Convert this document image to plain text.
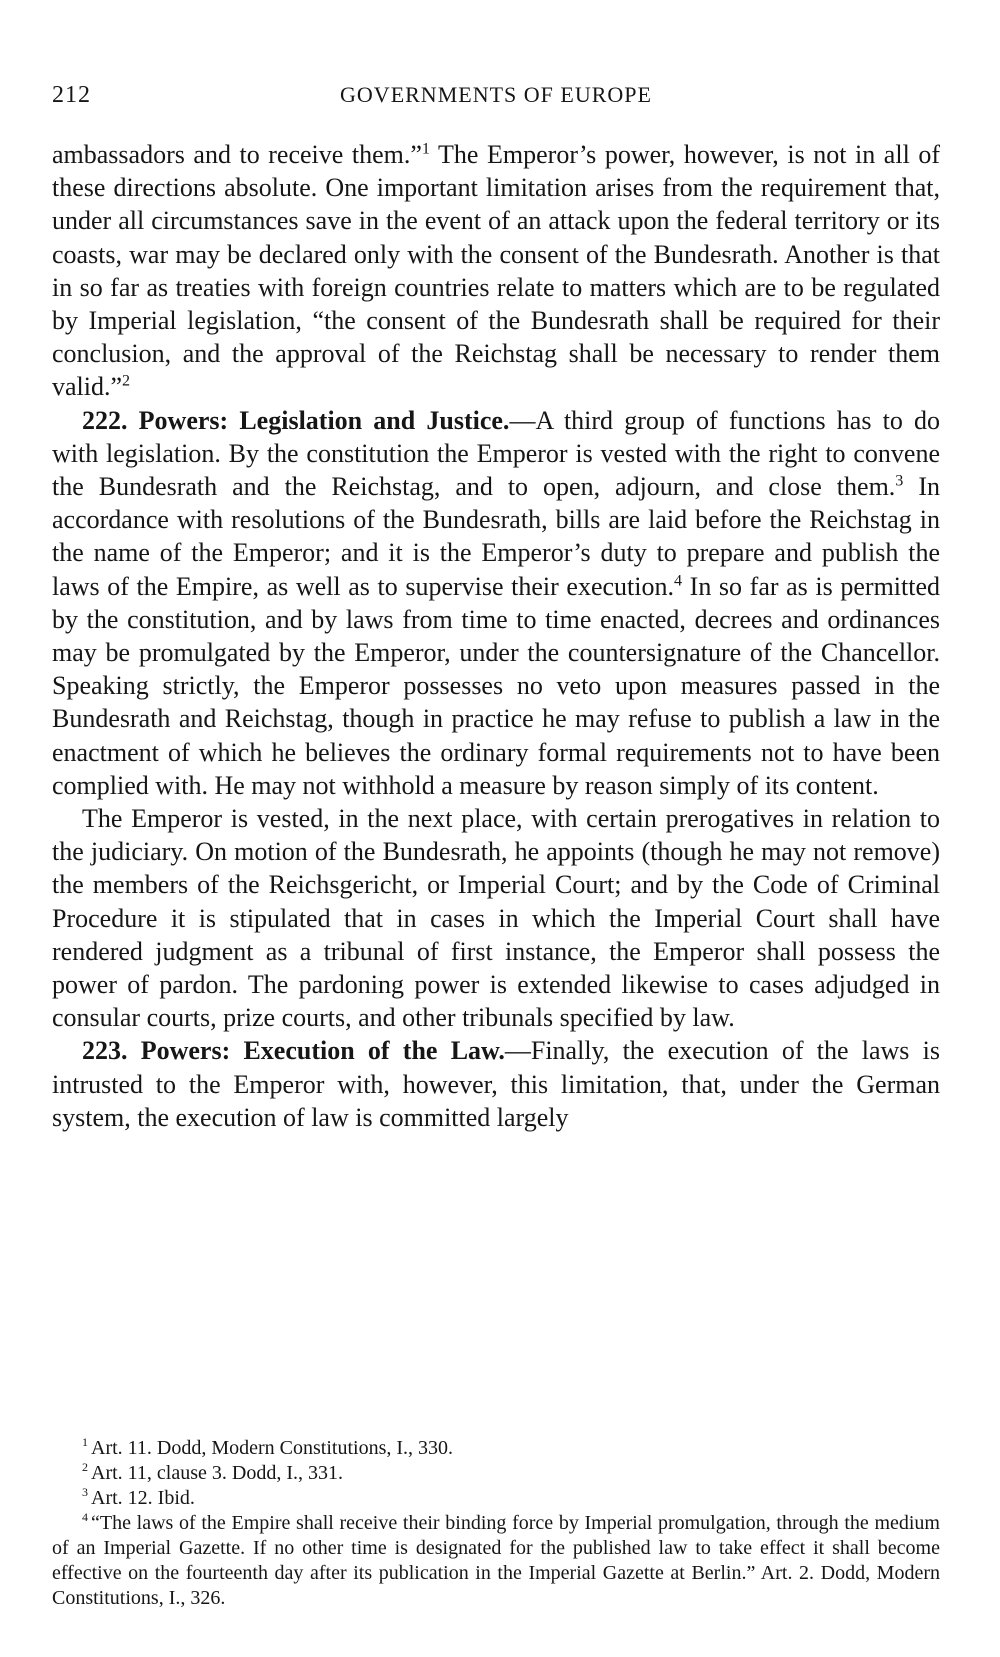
212	GOVERNMENTS OF EUROPE

ambassadors and to receive them.”$^1$ The Emperor’s power, however, is not in all of these directions absolute. One important limitation arises from the requirement that, under all circumstances save in the event of an attack upon the federal territory or its coasts, war may be declared only with the consent of the Bundesrath. Another is that in so far as treaties with foreign countries relate to matters which are to be regulated by Imperial legislation, “the consent of the Bundesrath shall be required for their conclusion, and the approval of the Reichstag shall be necessary to render them valid.”$^2$

222. Powers: Legislation and Justice.—A third group of functions has to do with legislation. By the constitution the Emperor is vested with the right to convene the Bundesrath and the Reichstag, and to open, adjourn, and close them.$^3$ In accordance with resolutions of the Bundesrath, bills are laid before the Reichstag in the name of the Emperor; and it is the Emperor’s duty to prepare and publish the laws of the Empire, as well as to supervise their execution.$^4$ In so far as is permitted by the constitution, and by laws from time to time enacted, decrees and ordinances may be promulgated by the Emperor, under the countersignature of the Chancellor. Speaking strictly, the Emperor possesses no veto upon measures passed in the Bundesrath and Reichstag, though in practice he may refuse to publish a law in the enactment of which he believes the ordinary formal requirements not to have been complied with. He may not withhold a measure by reason simply of its content.

The Emperor is vested, in the next place, with certain prerogatives in relation to the judiciary. On motion of the Bundesrath, he appoints (though he may not remove) the members of the Reichsgericht, or Imperial Court; and by the Code of Criminal Procedure it is stipulated that in cases in which the Imperial Court shall have rendered judgment as a tribunal of first instance, the Emperor shall possess the power of pardon. The pardoning power is extended likewise to cases adjudged in consular courts, prize courts, and other tribunals specified by law.

223. Powers: Execution of the Law.—Finally, the execution of the laws is intrusted to the Emperor with, however, this limitation, that, under the German system, the execution of law is committed largely

$^1$ Art. 11. Dodd, Modern Constitutions, I., 330.

$^2$ Art. 11, clause 3. Dodd, I., 331.

$^3$ Art. 12. Ibid.

$^4$ “The laws of the Empire shall receive their binding force by Imperial promulgation, through the medium of an Imperial Gazette. If no other time is designated for the published law to take effect it shall become effective on the fourteenth day after its publication in the Imperial Gazette at Berlin.” Art. 2. Dodd, Modern Constitutions, I., 326.
